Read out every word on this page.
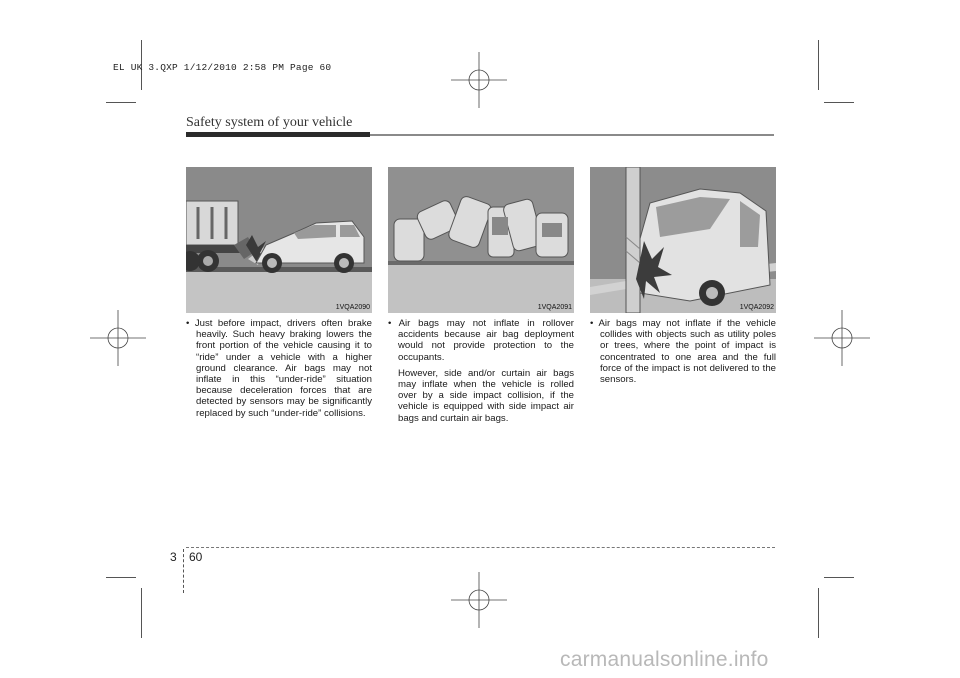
EL UK 3.QXP 1/12/2010 2:58 PM Page 60
Safety system of your vehicle
1VQA2090	1VQA2091	1VQA2092

• Just before impact, drivers often brake heavily. Such heavy braking lowers the front portion of the vehicle causing it to “ride” under a vehicle with a higher ground clearance. Air bags may not inflate in this “under-ride” situation because deceleration forces that are detected by sensors may be significantly replaced by such “under-ride” collisions.

• Air bags may not inflate in rollover accidents because air bag deployment would not provide protection to the occupants.

However, side and/or curtain air bags may inflate when the vehicle is rolled over by a side impact collision, if the vehicle is equipped with side impact air bags and curtain air bags.

• Air bags may not inflate if the vehicle collides with objects such as utility poles or trees, where the point of impact is concentrated to one area and the full force of the impact is not delivered to the sensors.

3 60
carmanualsonline.info
